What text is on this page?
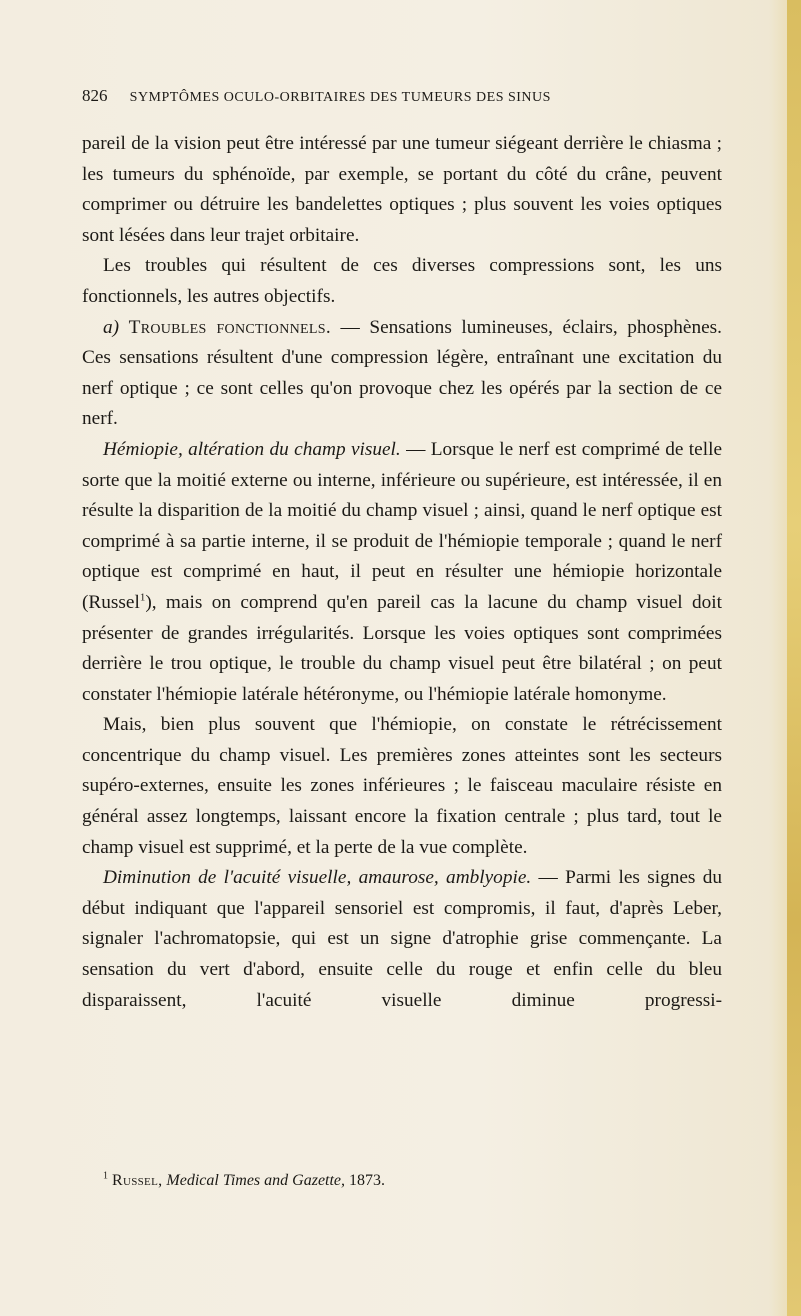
826 SYMPTÔMES OCULO-ORBITAIRES DES TUMEURS DES SINUS

pareil de la vision peut être intéressé par une tumeur siégeant derrière le chiasma ; les tumeurs du sphénoïde, par exemple, se portant du côté du crâne, peuvent comprimer ou détruire les bandelettes optiques ; plus souvent les voies optiques sont lésées dans leur trajet orbitaire.

Les troubles qui résultent de ces diverses compressions sont, les uns fonctionnels, les autres objectifs.

a) Troubles fonctionnels. — Sensations lumineuses, éclairs, phosphènes. Ces sensations résultent d'une compression légère, entraînant une excitation du nerf optique ; ce sont celles qu'on provoque chez les opérés par la section de ce nerf.

Hémiopie, altération du champ visuel. — Lorsque le nerf est comprimé de telle sorte que la moitié externe ou interne, inférieure ou supérieure, est intéressée, il en résulte la disparition de la moitié du champ visuel ; ainsi, quand le nerf optique est comprimé à sa partie interne, il se produit de l'hémiopie temporale ; quand le nerf optique est comprimé en haut, il peut en résulter une hémiopie horizontale (Russel$^1$), mais on comprend qu'en pareil cas la lacune du champ visuel doit présenter de grandes irrégularités. Lorsque les voies optiques sont comprimées derrière le trou optique, le trouble du champ visuel peut être bilatéral ; on peut constater l'hémiopie latérale hétéronyme, ou l'hémiopie latérale homonyme.

Mais, bien plus souvent que l'hémiopie, on constate le rétrécissement concentrique du champ visuel. Les premières zones atteintes sont les secteurs supéro-externes, ensuite les zones inférieures ; le faisceau maculaire résiste en général assez longtemps, laissant encore la fixation centrale ; plus tard, tout le champ visuel est supprimé, et la perte de la vue complète.

Diminution de l'acuité visuelle, amaurose, amblyopie. — Parmi les signes du début indiquant que l'appareil sensoriel est compromis, il faut, d'après Leber, signaler l'achromatopsie, qui est un signe d'atrophie grise commençante. La sensation du vert d'abord, ensuite celle du rouge et enfin celle du bleu disparaissent, l'acuité visuelle diminue progressi-

$^1$ Russel, Medical Times and Gazette, 1873.
